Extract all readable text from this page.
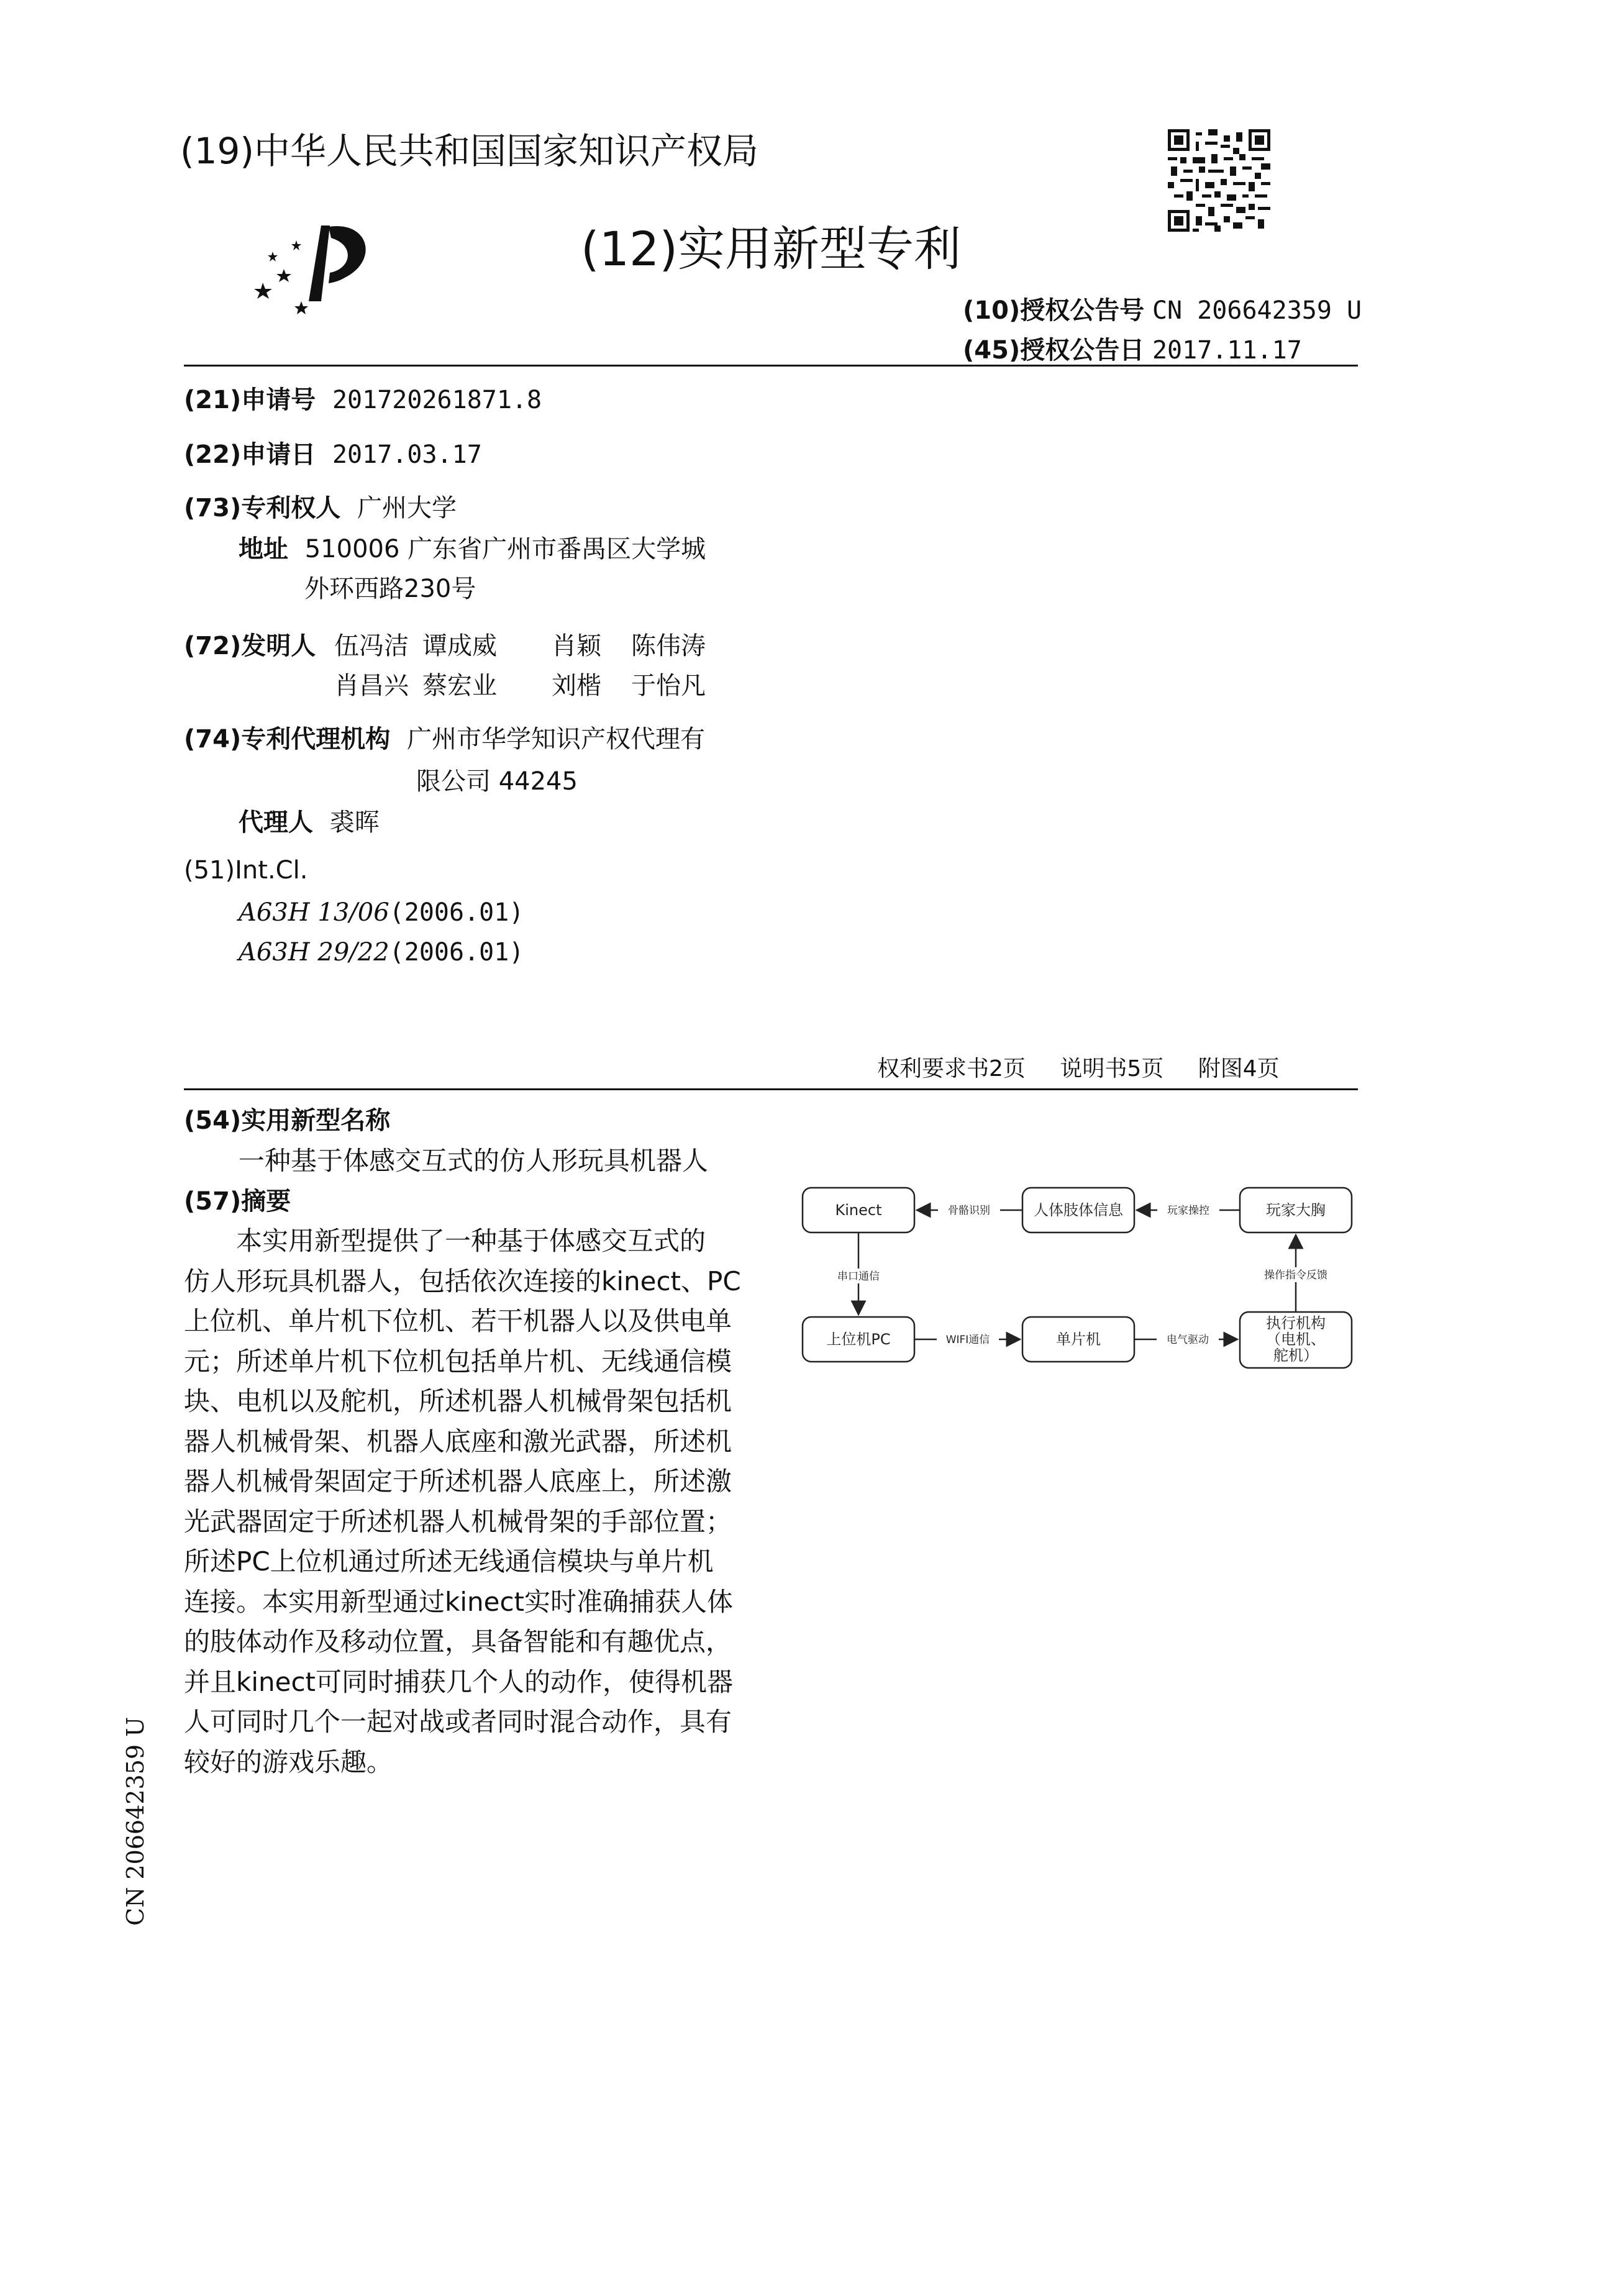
(19)中华人民共和国国家知识产权局
(12)实用新型专利
(10)授权公告号 CN 206642359 U
(45)授权公告日 2017.11.17
(21)申请号 201720261871.8
(22)申请日 2017.03.17
(73)专利权人 广州大学
地址 510006 广东省广州市番禺区大学城
外环西路230号
(72)发明人 伍冯洁 谭成威 肖颖 陈伟涛
肖昌兴 蔡宏业 刘楷 于怡凡
(74)专利代理机构 广州市华学知识产权代理有
限公司 44245
代理人 裘晖
(51)Int.Cl.
A63H 13/06(2006.01)
A63H 29/22(2006.01)
权利要求书2页 说明书5页 附图4页
(54)实用新型名称
一种基于体感交互式的仿人形玩具机器人
(57)摘要
本实用新型提供了一种基于体感交互式的
仿人形玩具机器人，包括依次连接的kinect、PC
上位机、单片机下位机、若干机器人以及供电单
元；所述单片机下位机包括单片机、无线通信模
块、电机以及舵机，所述机器人机械骨架包括机
器人机械骨架、机器人底座和激光武器，所述机
器人机械骨架固定于所述机器人底座上，所述激
光武器固定于所述机器人机械骨架的手部位置；
所述PC上位机通过所述无线通信模块与单片机
连接。本实用新型通过kinect实时准确捕获人体
的肢体动作及移动位置，具备智能和有趣优点，
并且kinect可同时捕获几个人的动作，使得机器
人可同时几个一起对战或者同时混合动作，具有
较好的游戏乐趣。
Kinect	人体肢体信息	玩家大胸
上位机PC	单片机
执行机构
（电机、
舵机）
骨骼识别	玩家操控
串口通信
WIFI通信	电气驱动
操作指令反馈
CN 206642359 U
